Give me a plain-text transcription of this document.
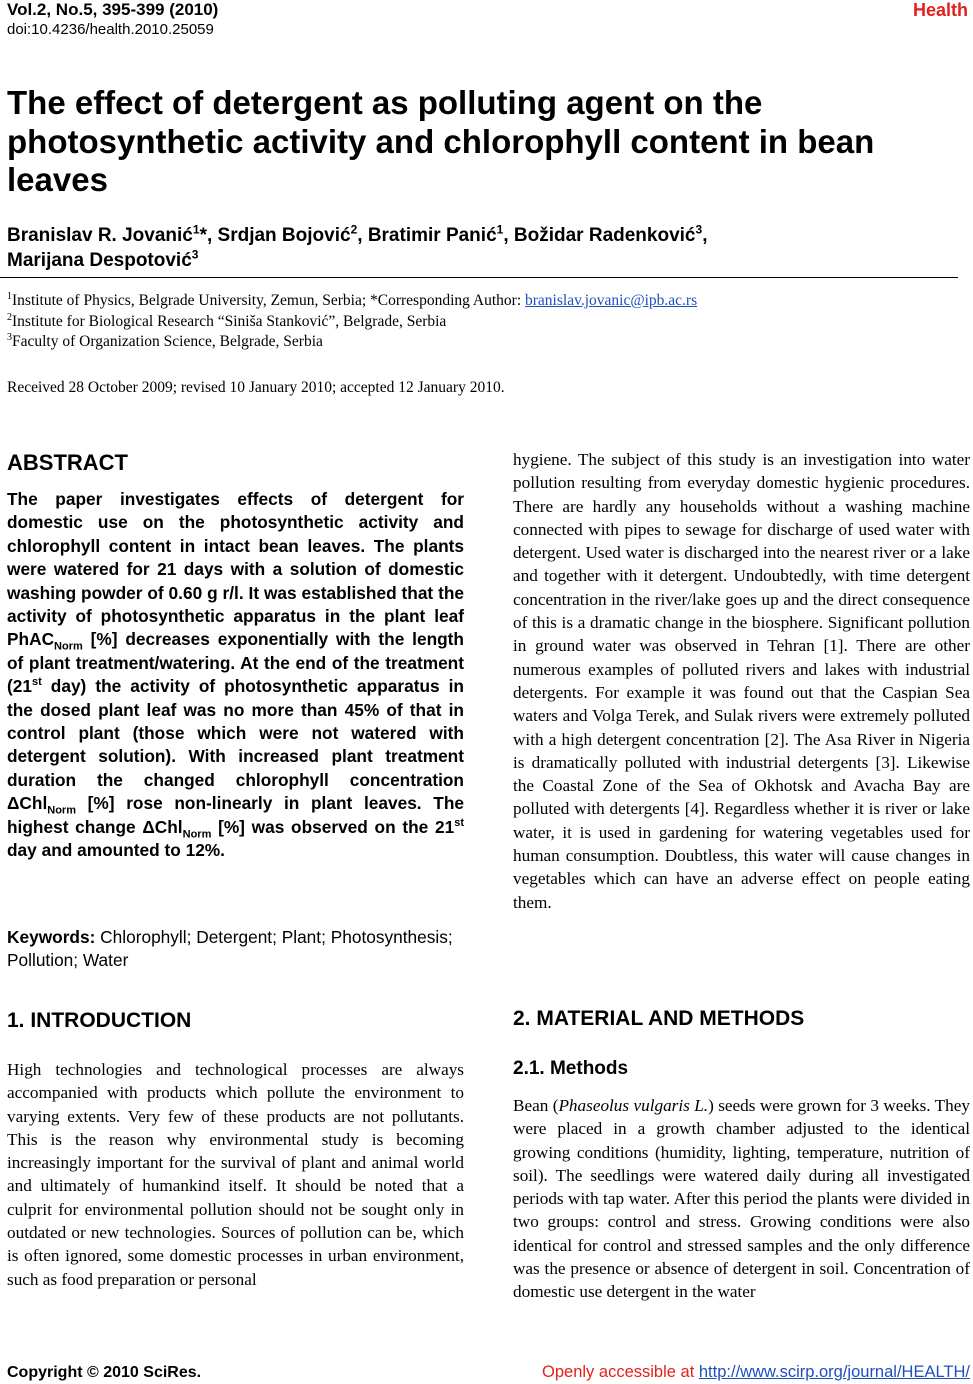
Vol.2, No.5, 395-399 (2010)
doi:10.4236/health.2010.25059
Health
The effect of detergent as polluting agent on the photosynthetic activity and chlorophyll content in bean leaves
Branislav R. Jovanić$^1$*, Srdjan Bojović$^2$, Bratimir Panić$^1$, Božidar Radenković$^3$,
Marijana Despotović$^3$
$^1$Institute of Physics, Belgrade University, Zemun, Serbia; *Corresponding Author: branislav.jovanic@ipb.ac.rs
$^2$Institute for Biological Research “Siniša Stanković”, Belgrade, Serbia
$^3$Faculty of Organization Science, Belgrade, Serbia
Received 28 October 2009; revised 10 January 2010; accepted 12 January 2010.
ABSTRACT
The paper investigates effects of detergent for domestic use on the photosynthetic activity and chlorophyll content in intact bean leaves. The plants were watered for 21 days with a solution of domestic washing powder of 0.60 g r/l. It was established that the activity of photosynthetic apparatus in the plant leaf PhAC$_{Norm}$ [%] decreases exponentially with the length of plant treatment/watering. At the end of the treatment (21st day) the activity of photosynthetic apparatus in the dosed plant leaf was no more than 45% of that in control plant (those which were not watered with detergent solution). With increased plant treatment duration the changed chlorophyll concentration ΔChl$_{Norm}$ [%] rose non-linearly in plant leaves. The highest change ΔChl$_{Norm}$ [%] was observed on the 21st day and amounted to 12%.
Keywords: Chlorophyll; Detergent; Plant; Photosynthesis; Pollution; Water
1. INTRODUCTION
High technologies and technological processes are always accompanied with products which pollute the environment to varying extents. Very few of these products are not pollutants. This is the reason why environmental study is becoming increasingly important for the survival of plant and animal world and ultimately of humankind itself. It should be noted that a culprit for environmental pollution should not be sought only in outdated or new technologies. Sources of pollution can be, which is often ignored, some domestic processes in urban environment, such as food preparation or personal
hygiene. The subject of this study is an investigation into water pollution resulting from everyday domestic hygienic procedures. There are hardly any households without a washing machine connected with pipes to sewage for discharge of used water with detergent. Used water is discharged into the nearest river or a lake and together with it detergent. Undoubtedly, with time detergent concentration in the river/lake goes up and the direct consequence of this is a dramatic change in the biosphere. Significant pollution in ground water was observed in Tehran [1]. There are other numerous examples of polluted rivers and lakes with industrial detergents. For example it was found out that the Caspian Sea waters and Volga Terek, and Sulak rivers were extremely polluted with a high detergent concentration [2]. The Asa River in Nigeria is dramatically polluted with industrial detergents [3]. Likewise the Coastal Zone of the Sea of Okhotsk and Avacha Bay are polluted with detergents [4]. Regardless whether it is river or lake water, it is used in gardening for watering vegetables used for human consumption. Doubtless, this water will cause changes in vegetables which can have an adverse effect on people eating them.
2. MATERIAL AND METHODS
2.1. Methods
Bean (Phaseolus vulgaris L.) seeds were grown for 3 weeks. They were placed in a growth chamber adjusted to the identical growing conditions (humidity, lighting, temperature, nutrition of soil). The seedlings were watered daily during all investigated periods with tap water. After this period the plants were divided in two groups: control and stress. Growing conditions were also identical for control and stressed samples and the only difference was the presence or absence of detergent in soil. Concentration of domestic use detergent in the water
Copyright © 2010 SciRes.	Openly accessible at http://www.scirp.org/journal/HEALTH/
